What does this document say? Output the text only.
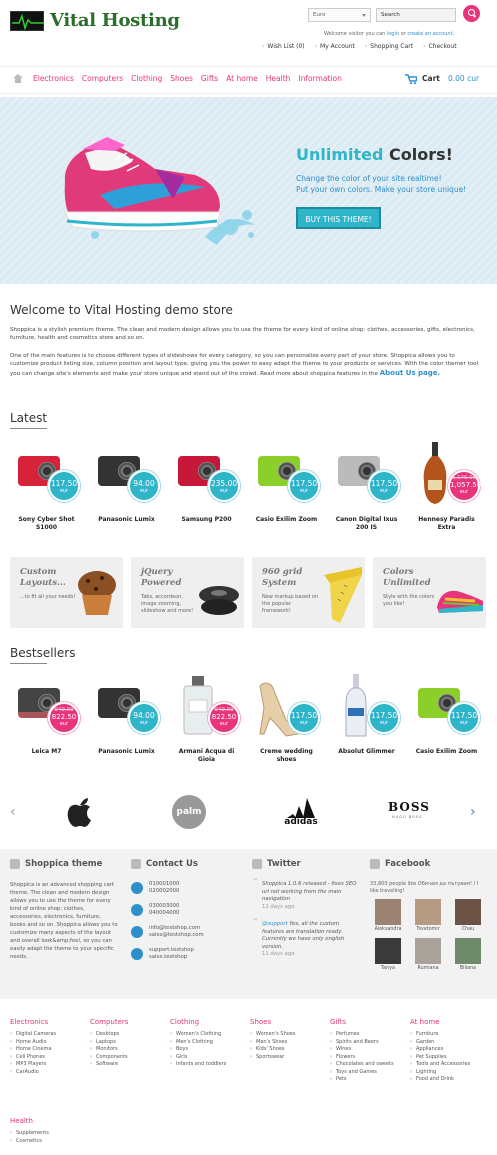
Vital Hosting	Euro	Search
Welcome visitor you can login or create an account.
› Wish List (0)	› My Account	› Shopping Cart	› Checkout
Electronics Computers Clothing Shoes Gifts At home Health Information	Cart 0.00 cur
Unlimited Colors!
Change the color of your site realtime!
Put your own colors. Make your store unique!
BUY THIS THEME!
Welcome to Vital Hosting demo store
Shoppica is a stylish premium theme. The clean and modern design allows you to use the theme for every kind of online shop: clothes, accessories, gifts, electronics, furniture, health and cosmetics store and so on.
One of the main features is to choose different types of slideshows for every category, so you can personalize every part of your store. Shoppica allows you to customize product listing size, column position and layout type, giving you the power to easy adapt the theme to your products or services. With the color themer tool you can change site's elements and make your store unique and stand out of the crowd. Read more about shoppica features in the About Us page.
Latest
117.50
eur
Sony Cyber Shot S1000
94.00
eur
Panasonic Lumix
235.00
eur
Samsung P200
117.50
eur
Casio Exilim Zoom
117.50
eur
Canon Digital Ixus 200 IS
1,175.00
1,057.50
eur
Hennesy Paradis Extra
Custom
Layouts...
...to fit all your needs!
jQuery
Powered
Tabs, accordeon, image zooming, slideshow and more!
960 grid
System
New markup based on the popular framework!
Colors
Unlimited
Style with the colors you like!
Bestsellers
940.00
822.50
eur
Leica M7
94.00
eur
Panasonic Lumix
940.00
822.50
eur
Armani Acqua di Gioia
117.50
eur
Creme wedding shoes
117.50
eur
Absolut Glimmer
117.50
eur
Casio Exilim Zoom
‹	palm
adidas
BOSS
HUGO BOSS	›
Shoppica theme
Shoppica is an advanced shopping cart theme. The clean and modern design allows you to use the theme for every kind of online shop: clothes, accessories, electronics, furniture, books and so on. Shoppica allows you to customize many aspects of the layout and overall look&amp;feel, so you can easily adapt the theme to your specific needs.
Contact Us
010001000
020002000
030003000
040004000
info@testshop.com
sales@testshop.com
support.testshop
sales.testshop
Twitter
“ Shoppica 1.0.6 released - fixes SEO url not working from the main navigation
11 days ago
“ @support Yes, all the custom features are translation ready. Currently we have only english version.
11 days ago
Facebook
33,800 people like Обичам да пътувам! / I like traveling!
Aleksandra	Tsvetomir	Chau
Tanya	Rumiana	Biliana
Electronics
› Digital Cameras
› Home Audio
› Home Cinema
› Cell Phones
› MP3 Players
› CarAudio
Computers
› Desktops
› Laptops
› Monitors
› Components
› Software
Clothing
› Women's Clothing
› Men's Clothing
› Boys
› Girls
› Infants and toddlers
Shoes
› Women's Shoes
› Men's Shoes
› Kids' Shoes
› Sportswear
Gifts
› Perfumes
› Spirits and Beers
› Wines
› Flowers
› Chocolates and sweets
› Toys and Games
› Pets
At home
› Furniture
› Garden
› Appliances
› Pet Supplies
› Tools and Accessories
› Lighting
› Food and Drink
Health
› Supplements
› Cosmetics
